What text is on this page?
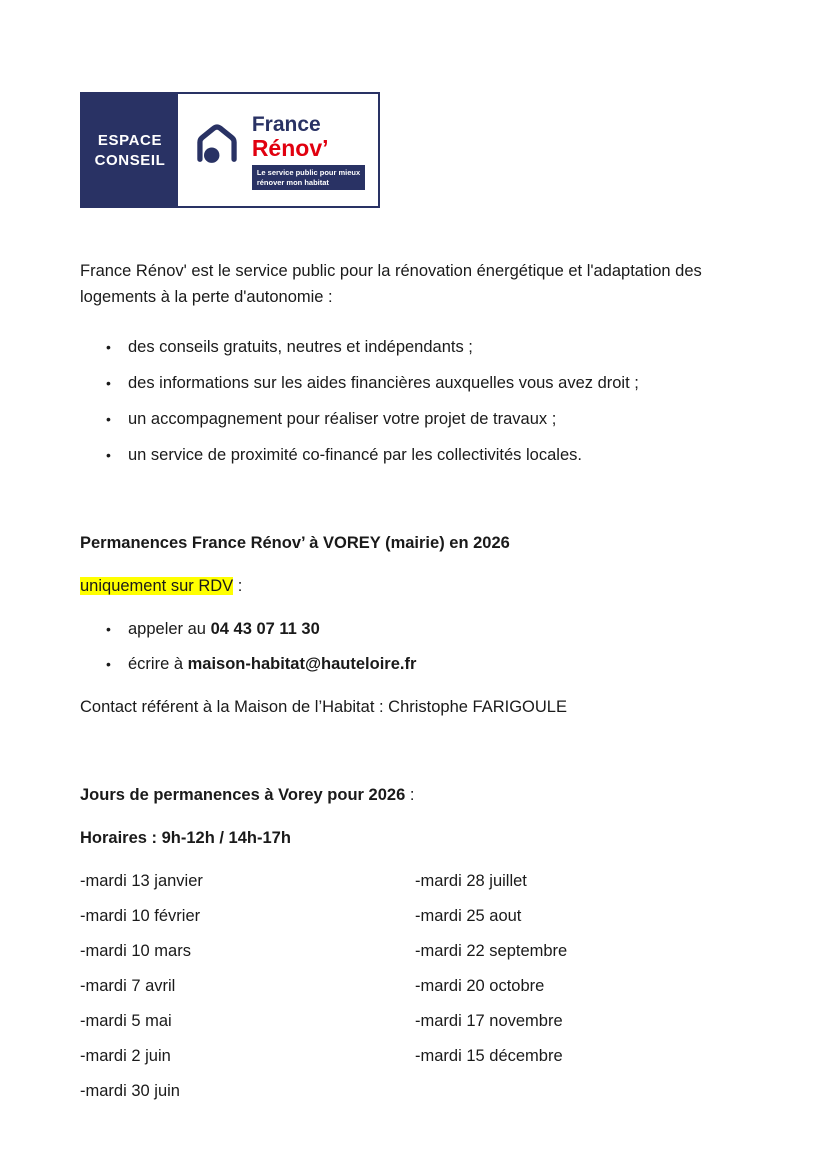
ESPACE
CONSEIL
France
Rénov’
Le service public pour mieux
rénover mon habitat

France Rénov' est le service public pour la rénovation énergétique et l'adaptation des logements à la perte d'autonomie :

• des conseils gratuits, neutres et indépendants ;
• des informations sur les aides financières auxquelles vous avez droit ;
• un accompagnement pour réaliser votre projet de travaux ;
• un service de proximité co-financé par les collectivités locales.

Permanences France Rénov’ à VOREY (mairie) en 2026

uniquement sur RDV :

• appeler au 04 43 07 11 30
• écrire à maison-habitat@hauteloire.fr

Contact référent à la Maison de l’Habitat : Christophe FARIGOULE

Jours de permanences à Vorey pour 2026 :

Horaires : 9h-12h / 14h-17h

-mardi 13 janvier
-mardi 10 février
-mardi 10 mars
-mardi 7 avril
-mardi 5 mai
-mardi 2 juin
-mardi 30 juin
-mardi 28 juillet
-mardi 25 aout
-mardi 22 septembre
-mardi 20 octobre
-mardi 17 novembre
-mardi 15 décembre
